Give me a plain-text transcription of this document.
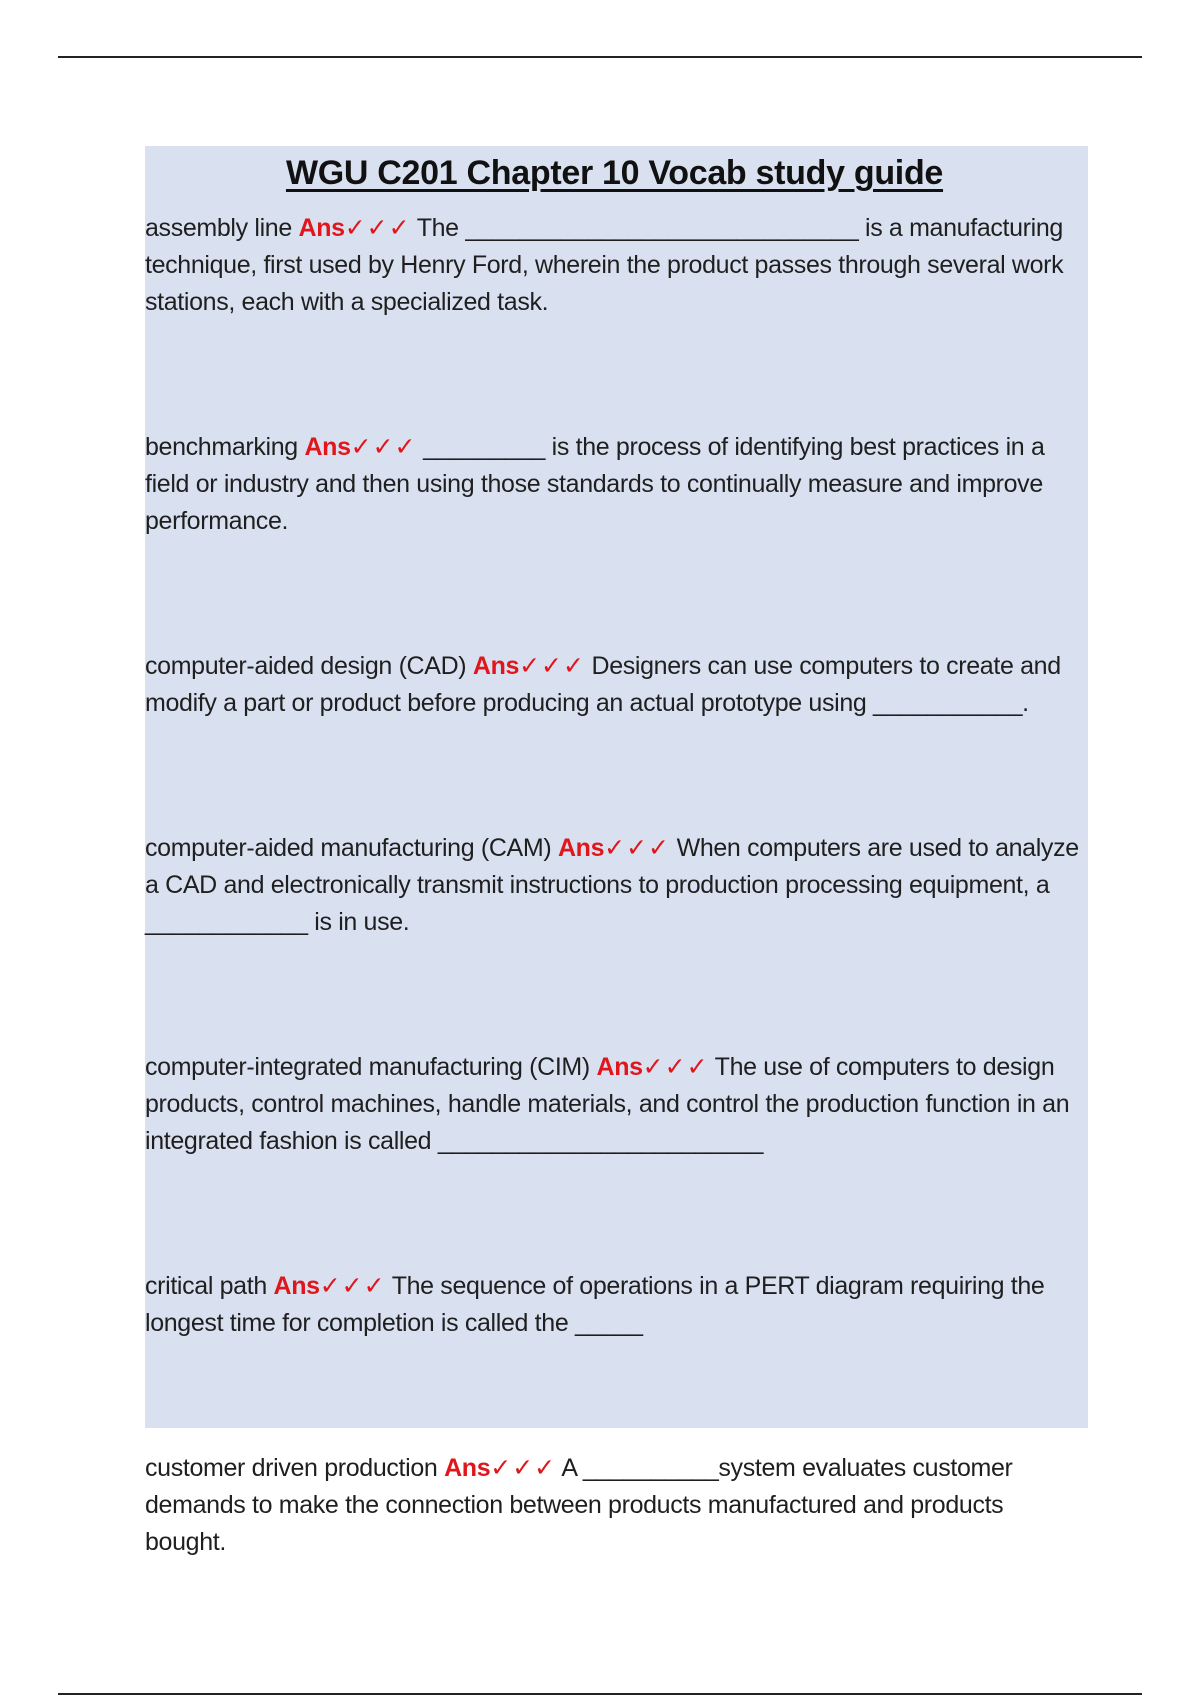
WGU C201 Chapter 10 Vocab study guide

assembly line Ans✓✓✓ The _____________________________ is a manufacturing technique, first used by Henry Ford, wherein the product passes through several work stations, each with a specialized task.

benchmarking Ans✓✓✓ _________ is the process of identifying best practices in a field or industry and then using those standards to continually measure and improve performance.

computer-aided design (CAD) Ans✓✓✓ Designers can use computers to create and modify a part or product before producing an actual prototype using ___________.

computer-aided manufacturing (CAM) Ans✓✓✓ When computers are used to analyze a CAD and electronically transmit instructions to production processing equipment, a ____________ is in use.

computer-integrated manufacturing (CIM) Ans✓✓✓ The use of computers to design products, control machines, handle materials, and control the production function in an integrated fashion is called ________________________

critical path Ans✓✓✓ The sequence of operations in a PERT diagram requiring the longest time for completion is called the _____

customer driven production Ans✓✓✓ A __________system evaluates customer demands to make the connection between products manufactured and products bought.
